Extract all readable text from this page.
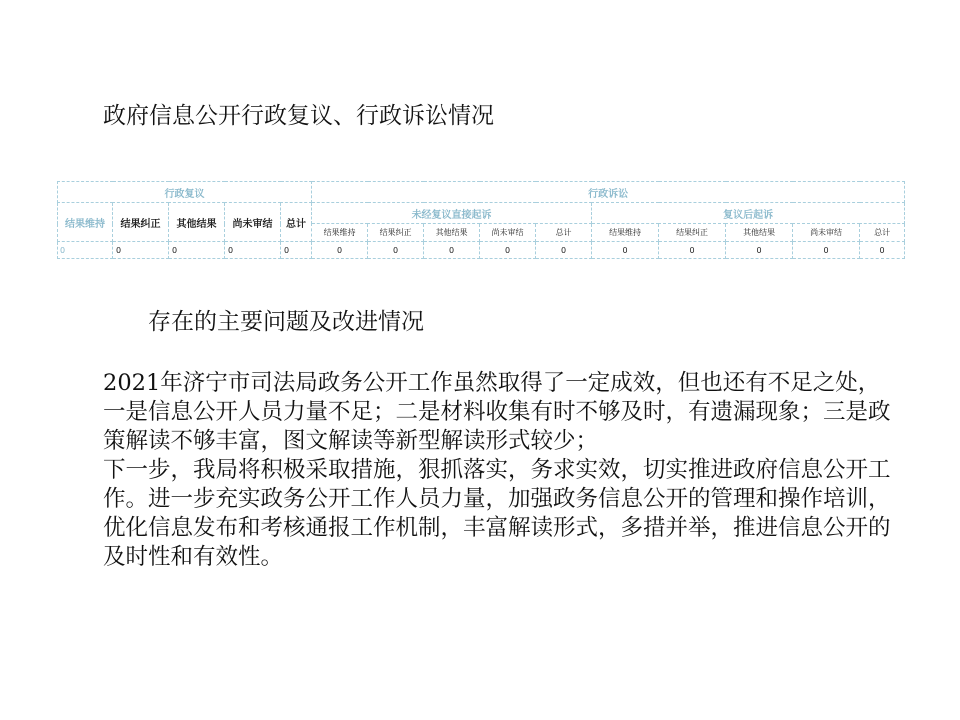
政府信息公开行政复议、行政诉讼情况
行政复议					行政诉讼									
结果维持	结果纠正	其他结果	尚未审结	总计	未经复议直接起诉					复议后起诉				
					结果维持	结果纠正	其他结果	尚未审结	总计	结果维持	结果纠正	其他结果	尚未审结	总计
0	0	0	0	0	0	0	0	0	0	0	0	0	0	0
存在的主要问题及改进情况

2021年济宁市司法局政务公开工作虽然取得了一定成效，但也还有不足之处，一是信息公开人员力量不足；二是材料收集有时不够及时，有遗漏现象；三是政策解读不够丰富，图文解读等新型解读形式较少；

下一步，我局将积极采取措施，狠抓落实，务求实效，切实推进政府信息公开工作。进一步充实政务公开工作人员力量，加强政务信息公开的管理和操作培训，优化信息发布和考核通报工作机制，丰富解读形式，多措并举，推进信息公开的及时性和有效性。
